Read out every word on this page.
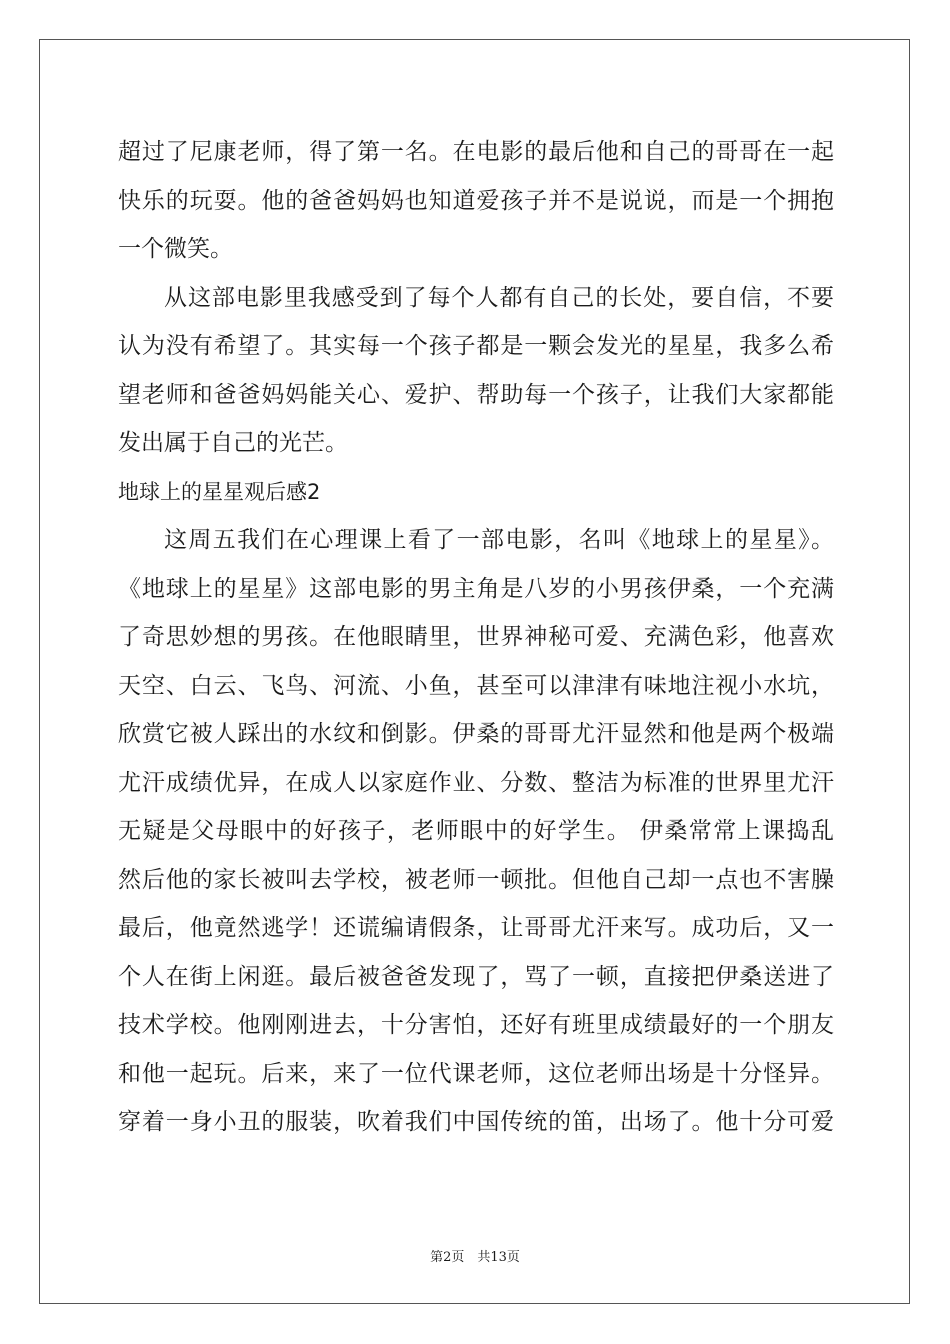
超过了尼康老师，得了第一名。在电影的最后他和自己的哥哥在一起
快乐的玩耍。他的爸爸妈妈也知道爱孩子并不是说说，而是一个拥抱
一个微笑。
从这部电影里我感受到了每个人都有自己的长处，要自信，不要
认为没有希望了。其实每一个孩子都是一颗会发光的星星，我多么希
望老师和爸爸妈妈能关心、爱护、帮助每一个孩子，让我们大家都能
发出属于自己的光芒。
地球上的星星观后感2
这周五我们在心理课上看了一部电影，名叫《地球上的星星》。
《地球上的星星》这部电影的男主角是八岁的小男孩伊桑，一个充满
了奇思妙想的男孩。在他眼睛里，世界神秘可爱、充满色彩，他喜欢
天空、白云、飞鸟、河流、小鱼，甚至可以津津有味地注视小水坑，
欣赏它被人踩出的水纹和倒影。伊桑的哥哥尤汗显然和他是两个极端
尤汗成绩优异，在成人以家庭作业、分数、整洁为标准的世界里尤汗
无疑是父母眼中的好孩子，老师眼中的好学生。 伊桑常常上课捣乱
然后他的家长被叫去学校，被老师一顿批。但他自己却一点也不害臊
最后，他竟然逃学！还谎编请假条，让哥哥尤汗来写。成功后，又一
个人在街上闲逛。最后被爸爸发现了，骂了一顿，直接把伊桑送进了
技术学校。他刚刚进去，十分害怕，还好有班里成绩最好的一个朋友
和他一起玩。后来，来了一位代课老师，这位老师出场是十分怪异。
穿着一身小丑的服装，吹着我们中国传统的笛，出场了。他十分可爱
第2页　共13页
